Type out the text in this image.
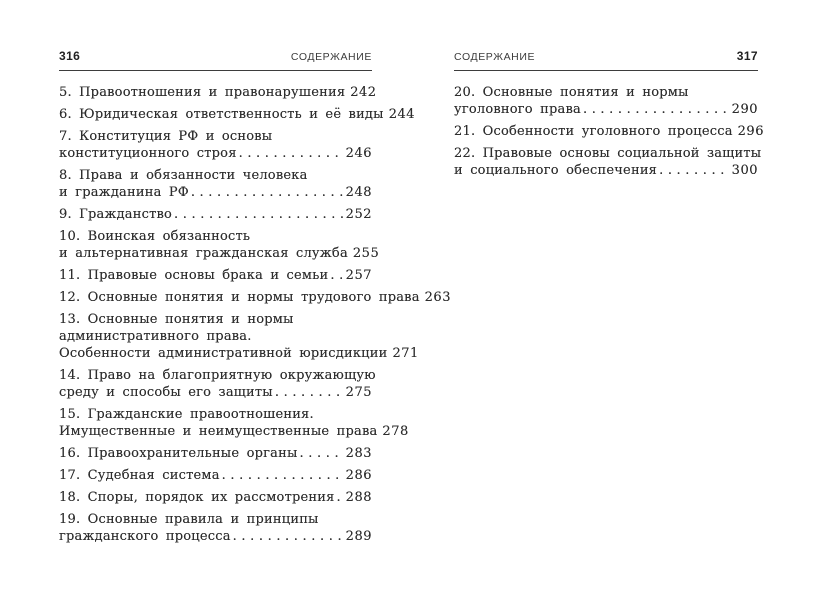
316	СОДЕРЖАНИЕ
5. Правоотношения и правонарушения 242
6. Юридическая ответственность и её виды 244
7. Конституция РФ и основы
конституционного строя .....	246
8. Права и обязанности человека
и гражданина РФ .....	248
9. Гражданство .....	252
10. Воинская обязанность
и альтернативная гражданская служба 255
11. Правовые основы брака и семьи ..... 257
12. Основные понятия и нормы трудового права 263
13. Основные понятия и нормы
административного права.
Особенности административной юрисдикции 271
14. Право на благоприятную окружающую
среду и способы его защиты .....	275
15. Гражданские правоотношения.
Имущественные и неимущественные права 278
16. Правоохранительные органы .....	283
17. Судебная система .....	286
18. Споры, порядок их рассмотрения ..... 288
19. Основные правила и принципы
гражданского процесса .....	289
СОДЕРЖАНИЕ	317
20. Основные понятия и нормы
уголовного права .....	290
21. Особенности уголовного процесса 296
22. Правовые основы социальной защиты
и социального обеспечения .....	300
